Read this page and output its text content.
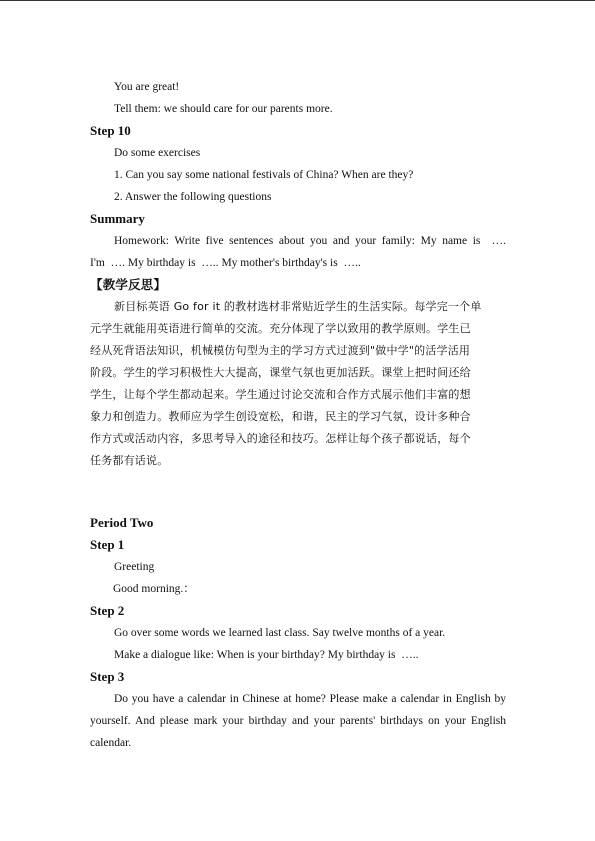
You are great!

Tell them: we should care for our parents more.

Step 10

Do some exercises

1. Can you say some national festivals of China? When are they?

2. Answer the following questions

Summary

Homework: Write five sentences about you and your family: My name is  ….

I'm  …. My birthday is  ….. My mother's birthday's is  …..

【教学反思】

新目标英语 Go for it 的教材选材非常贴近学生的生活实际。每学完一个单

元学生就能用英语进行简单的交流。充分体现了学以致用的教学原则。学生已

经从死背语法知识，机械模仿句型为主的学习方式过渡到"做中学"的活学活用

阶段。学生的学习积极性大大提高，课堂气氛也更加活跃。课堂上把时间还给

学生，让每个学生都动起来。学生通过讨论交流和合作方式展示他们丰富的想

象力和创造力。教师应为学生创设宽松，和谐，民主的学习气氛，设计多种合

作方式或活动内容，多思考导入的途径和技巧。怎样让每个孩子都说话，每个

任务都有话说。

Period Two

Step 1

Greeting

Good morning.：

Step 2

Go over some words we learned last class. Say twelve months of a year.

Make a dialogue like: When is your birthday? My birthday is  …..

Step 3

Do you have a calendar in Chinese at home? Please make a calendar in English by

yourself. And please mark your birthday and your parents' birthdays on your English

calendar.
